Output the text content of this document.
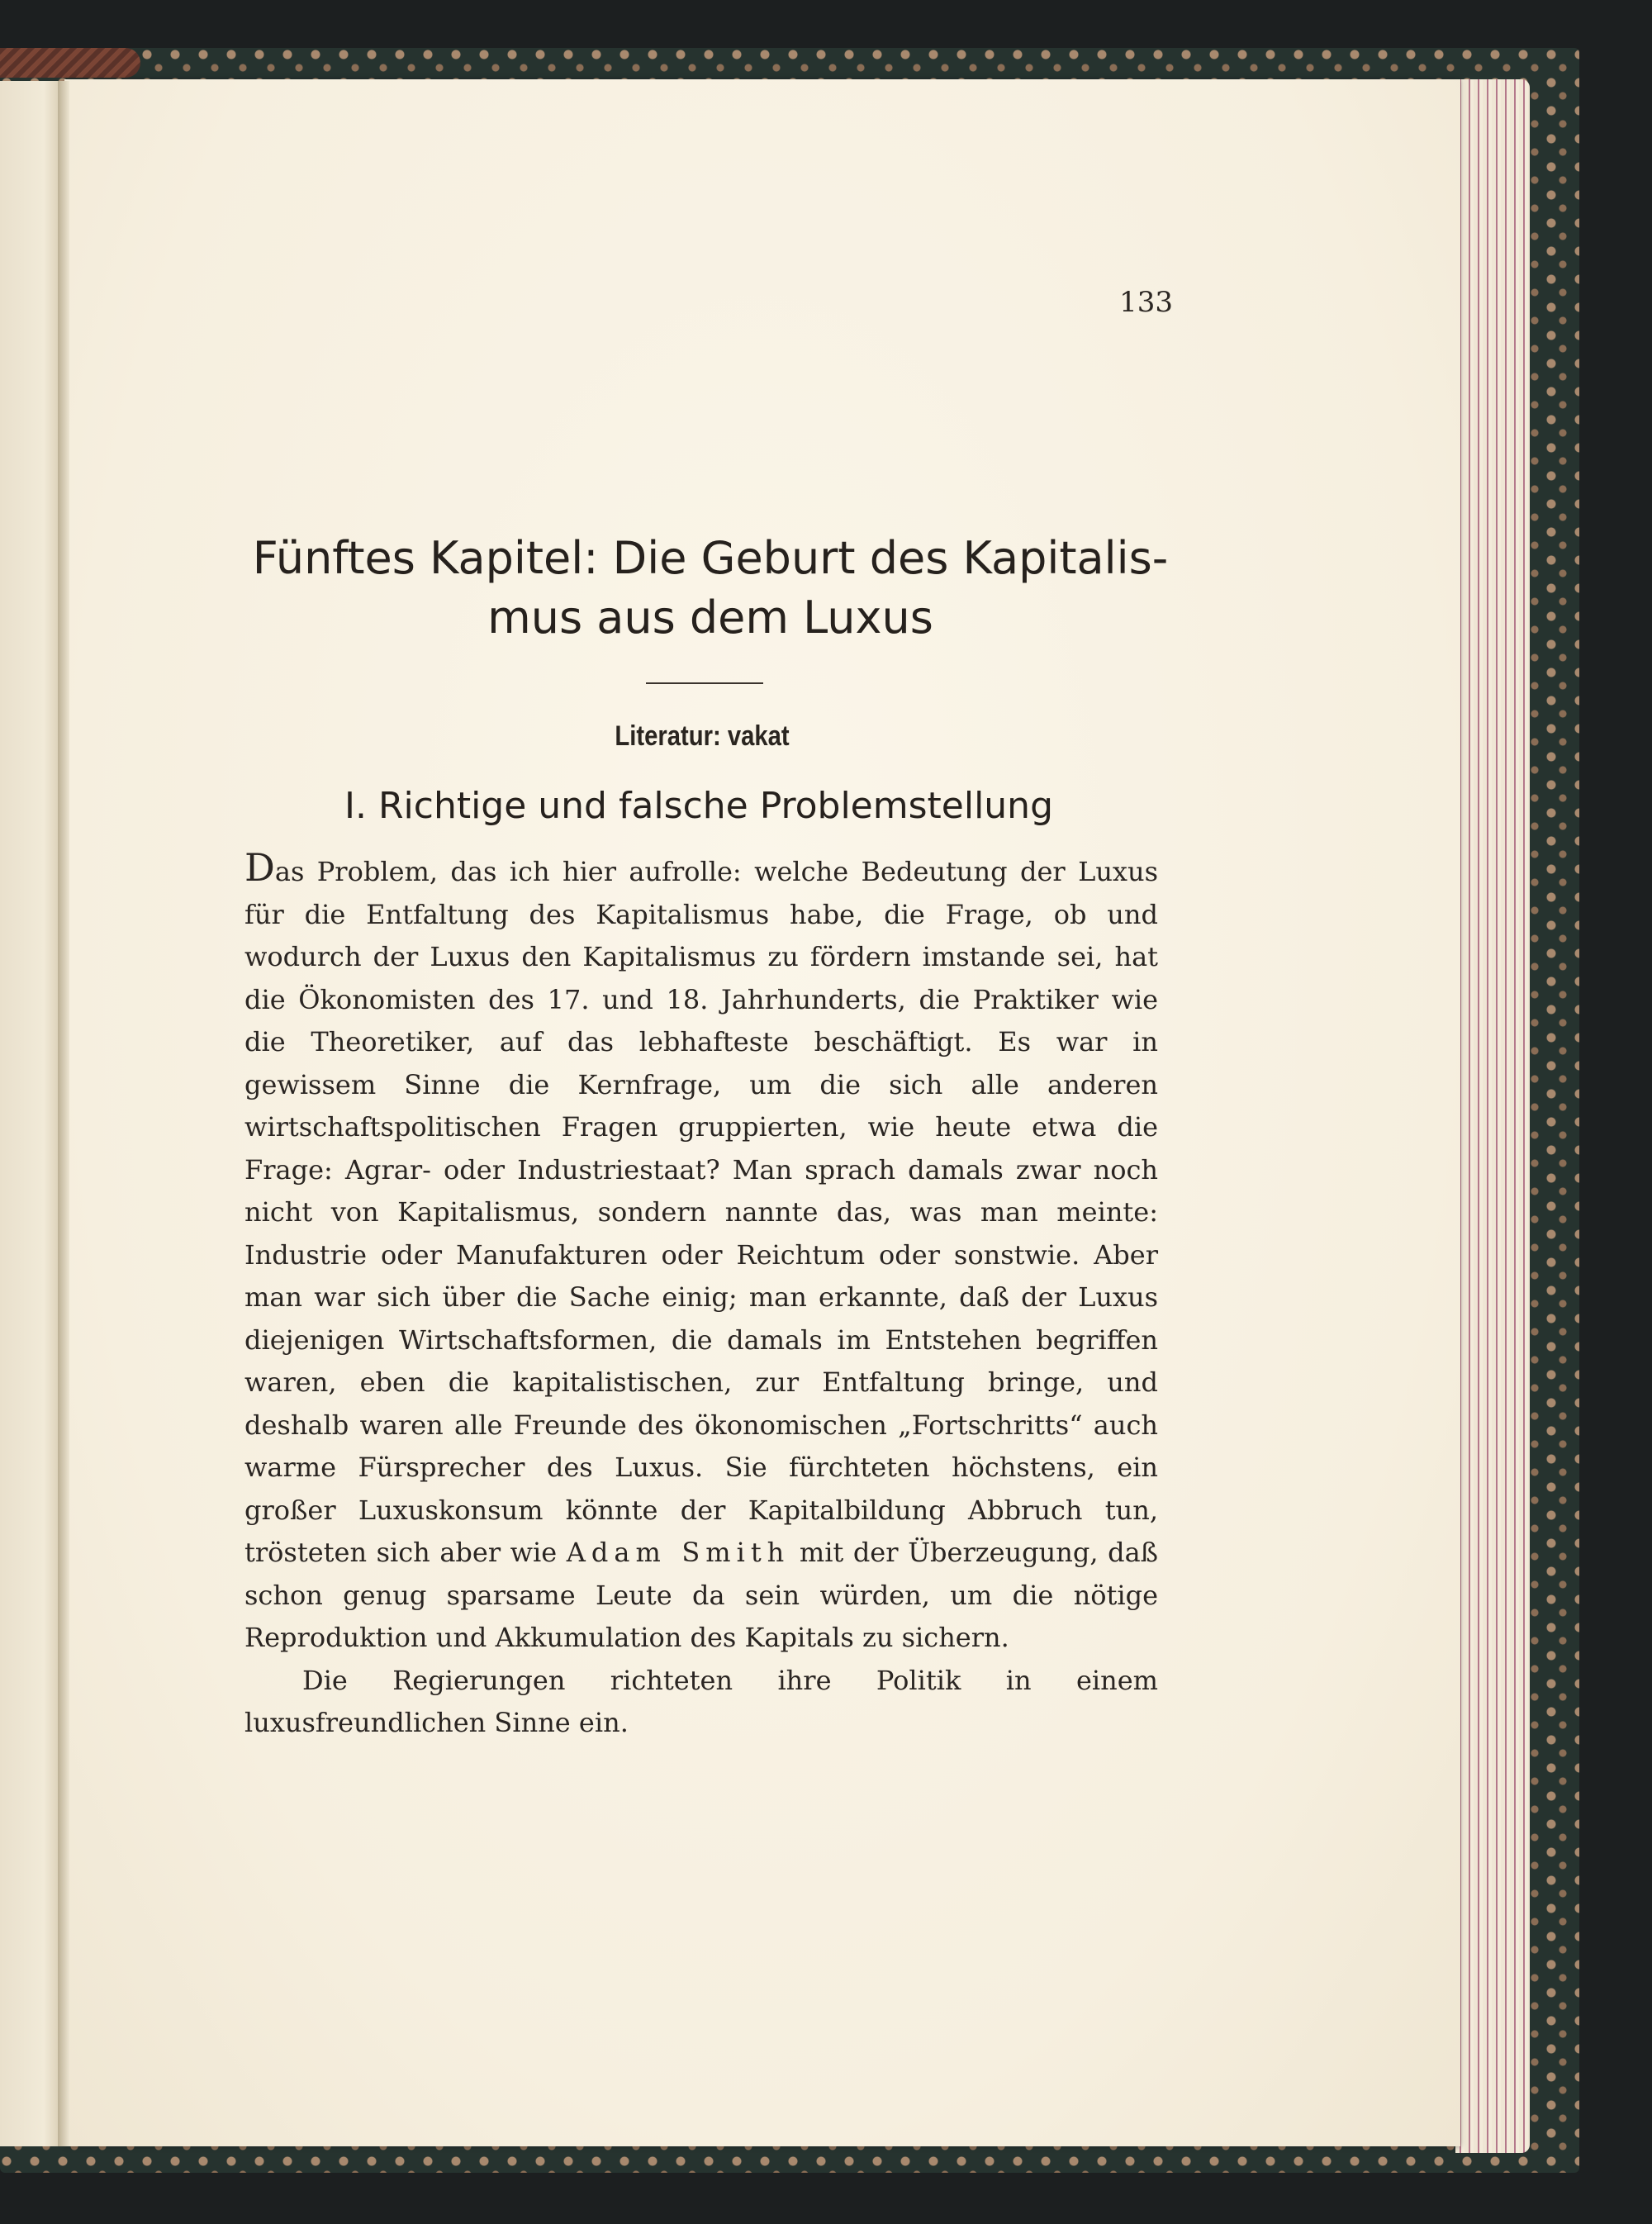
133
Fünftes Kapitel: Die Geburt des Kapitalis-
mus aus dem Luxus
Literatur: vakat
I. Richtige und falsche Problemstellung

Das Problem, das ich hier aufrolle: welche Bedeutung der Luxus für die Entfaltung des Kapitalismus habe, die Frage, ob und wodurch der Luxus den Kapitalismus zu fördern imstande sei, hat die Ökonomisten des 17. und 18. Jahrhunderts, die Praktiker wie die Theoretiker, auf das lebhafteste beschäftigt. Es war in gewissem Sinne die Kernfrage, um die sich alle anderen wirtschaftspolitischen Fragen gruppierten, wie heute etwa die Frage: Agrar- oder Industriestaat? Man sprach damals zwar noch nicht von Kapitalismus, sondern nannte das, was man meinte: Industrie oder Manufakturen oder Reichtum oder sonstwie. Aber man war sich über die Sache einig; man erkannte, daß der Luxus diejenigen Wirtschaftsformen, die damals im Entstehen begriffen waren, eben die kapitalistischen, zur Entfaltung bringe, und deshalb waren alle Freunde des ökonomischen „Fortschritts“ auch warme Fürsprecher des Luxus. Sie fürchteten höchstens, ein großer Luxuskonsum könnte der Kapitalbildung Abbruch tun, trösteten sich aber wie Adam Smith mit der Überzeugung, daß schon genug sparsame Leute da sein würden, um die nötige Reproduktion und Akkumulation des Kapitals zu sichern.

Die Regierungen richteten ihre Politik in einem luxusfreundlichen Sinne ein.
